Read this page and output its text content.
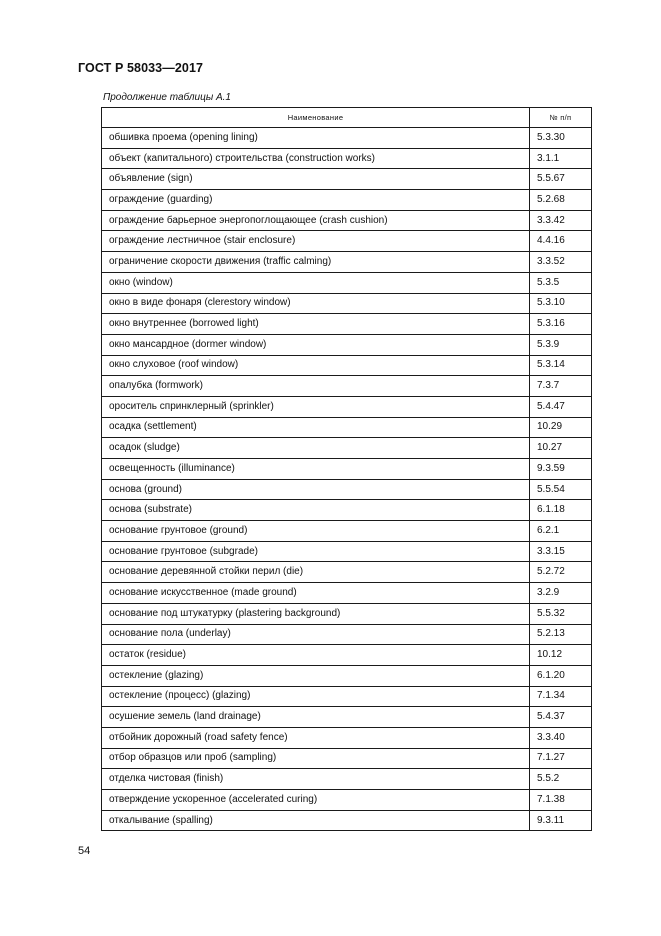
ГОСТ Р 58033—2017
Продолжение таблицы А.1
Наименование	№ п/п
обшивка проема (opening lining)	5.3.30
объект (капитального) строительства (construction works)	3.1.1
объявление (sign)	5.5.67
ограждение (guarding)	5.2.68
ограждение барьерное энергопоглощающее (crash cushion)	3.3.42
ограждение лестничное (stair enclosure)	4.4.16
ограничение скорости движения (traffic calming)	3.3.52
окно (window)	5.3.5
окно в виде фонаря (clerestory window)	5.3.10
окно внутреннее (borrowed light)	5.3.16
окно мансардное (dormer window)	5.3.9
окно слуховое (roof window)	5.3.14
опалубка (formwork)	7.3.7
ороситель спринклерный (sprinkler)	5.4.47
осадка (settlement)	10.29
осадок (sludge)	10.27
освещенность (illuminance)	9.3.59
основа (ground)	5.5.54
основа (substrate)	6.1.18
основание грунтовое (ground)	6.2.1
основание грунтовое (subgrade)	3.3.15
основание деревянной стойки перил (die)	5.2.72
основание искусственное (made ground)	3.2.9
основание под штукатурку (plastering background)	5.5.32
основание пола (underlay)	5.2.13
остаток (residue)	10.12
остекление (glazing)	6.1.20
остекление (процесс) (glazing)	7.1.34
осушение земель (land drainage)	5.4.37
отбойник дорожный (road safety fence)	3.3.40
отбор образцов или проб (sampling)	7.1.27
отделка чистовая (finish)	5.5.2
отверждение ускоренное (accelerated curing)	7.1.38
откалывание (spalling)	9.3.11
54
